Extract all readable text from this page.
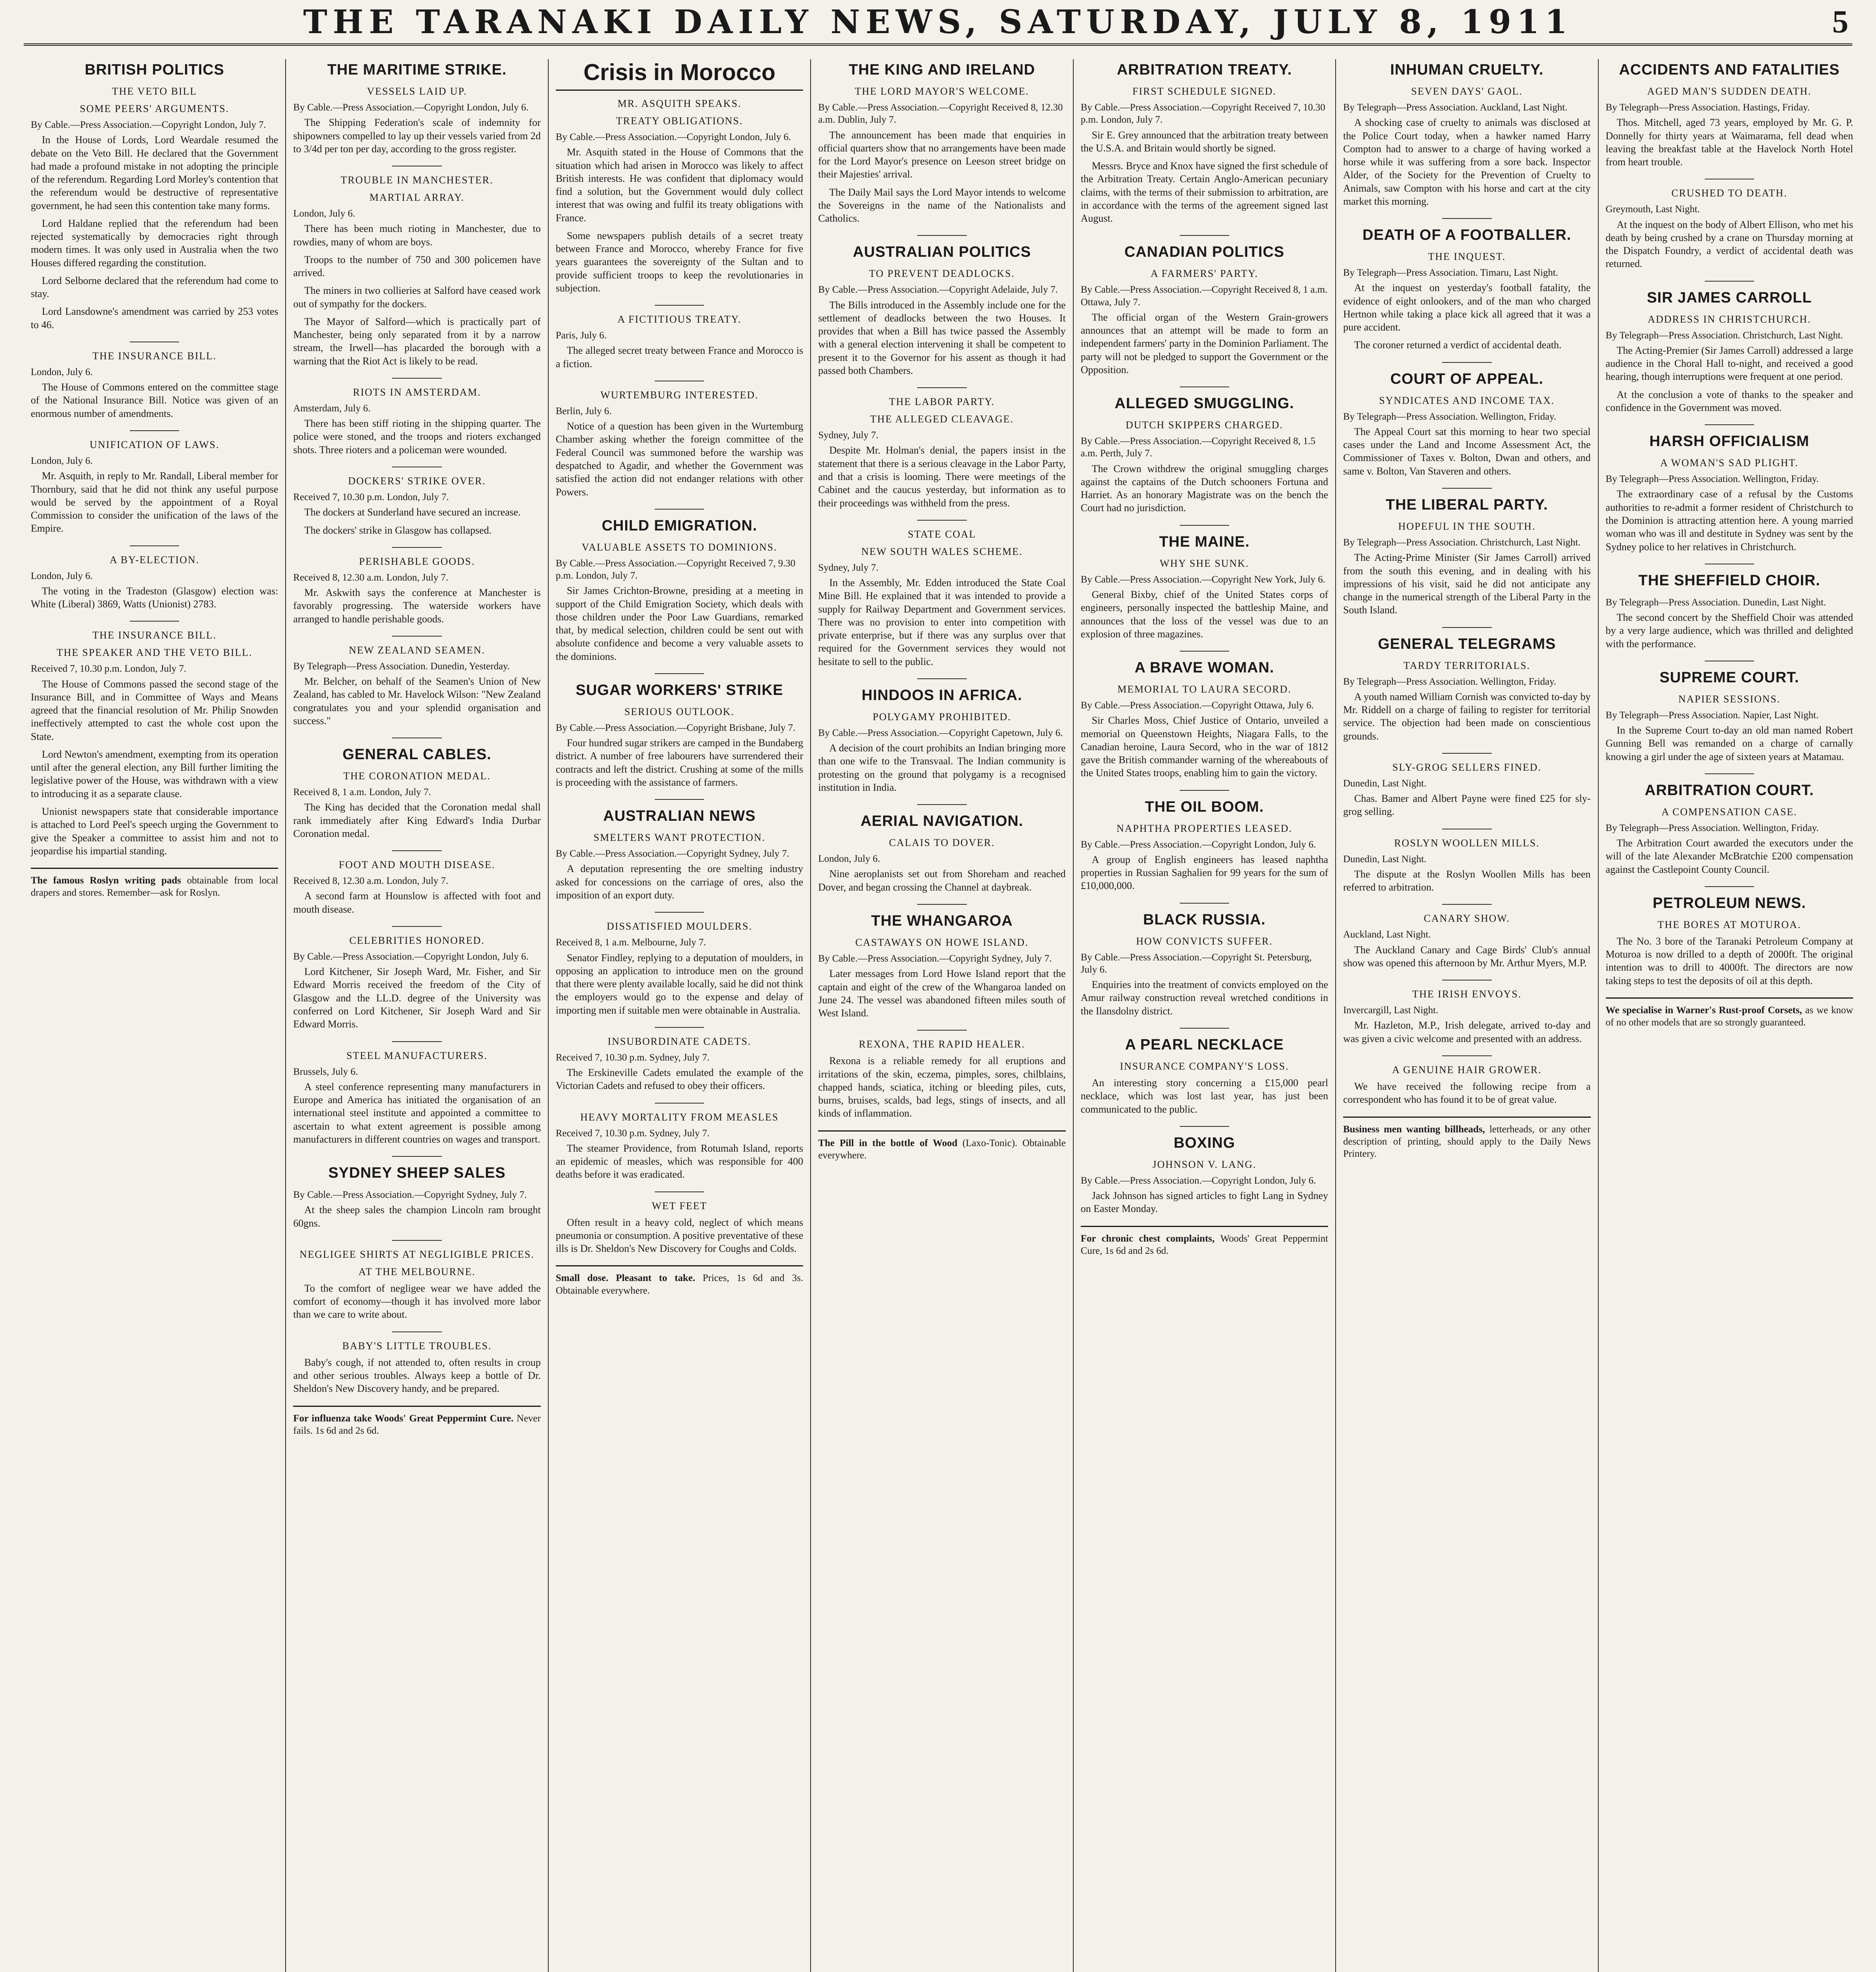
THE TARANAKI DAILY NEWS, SATURDAY, JULY 8, 1911	5
BRITISH POLITICS
THE VETO BILL
SOME PEERS' ARGUMENTS.
By Cable.—Press Association.—Copyright London, July 7.

In the House of Lords, Lord Weardale resumed the debate on the Veto Bill. He declared that the Government had made a profound mistake in not adopting the principle of the referendum. Regarding Lord Morley's contention that the referendum would be destructive of representative government, he had seen this contention take many forms.

Lord Haldane replied that the referendum had been rejected systematically by democracies right through modern times. It was only used in Australia when the two Houses differed regarding the constitution.

Lord Selborne declared that the referendum had come to stay.

Lord Lansdowne's amendment was carried by 253 votes to 46.

THE INSURANCE BILL.
London, July 6.

The House of Commons entered on the committee stage of the National Insurance Bill. Notice was given of an enormous number of amendments.

UNIFICATION OF LAWS.
London, July 6.

Mr. Asquith, in reply to Mr. Randall, Liberal member for Thornbury, said that he did not think any useful purpose would be served by the appointment of a Royal Commission to consider the unification of the laws of the Empire.

A BY-ELECTION.
London, July 6.

The voting in the Tradeston (Glasgow) election was: White (Liberal) 3869, Watts (Unionist) 2783.

THE INSURANCE BILL.
THE SPEAKER AND THE VETO BILL.
Received 7, 10.30 p.m. London, July 7.

The House of Commons passed the second stage of the Insurance Bill, and in Committee of Ways and Means agreed that the financial resolution of Mr. Philip Snowden ineffectively attempted to cast the whole cost upon the State.

Lord Newton's amendment, exempting from its operation until after the general election, any Bill further limiting the legislative power of the House, was withdrawn with a view to introducing it as a separate clause.

Unionist newspapers state that considerable importance is attached to Lord Peel's speech urging the Government to give the Speaker a committee to assist him and not to jeopardise his impartial standing.

The famous Roslyn writing pads obtainable from local drapers and stores. Remember—ask for Roslyn.
THE MARITIME STRIKE.
VESSELS LAID UP.
By Cable.—Press Association.—Copyright London, July 6.

The Shipping Federation's scale of indemnity for shipowners compelled to lay up their vessels varied from 2d to 3/4d per ton per day, according to the gross register.

TROUBLE IN MANCHESTER.
MARTIAL ARRAY.
London, July 6.

There has been much rioting in Manchester, due to rowdies, many of whom are boys.

Troops to the number of 750 and 300 policemen have arrived.

The miners in two collieries at Salford have ceased work out of sympathy for the dockers.

The Mayor of Salford—which is practically part of Manchester, being only separated from it by a narrow stream, the Irwell—has placarded the borough with a warning that the Riot Act is likely to be read.

RIOTS IN AMSTERDAM.
Amsterdam, July 6.

There has been stiff rioting in the shipping quarter. The police were stoned, and the troops and rioters exchanged shots. Three rioters and a policeman were wounded.

DOCKERS' STRIKE OVER.
Received 7, 10.30 p.m. London, July 7.

The dockers at Sunderland have secured an increase.

The dockers' strike in Glasgow has collapsed.

PERISHABLE GOODS.
Received 8, 12.30 a.m. London, July 7.

Mr. Askwith says the conference at Manchester is favorably progressing. The waterside workers have arranged to handle perishable goods.

NEW ZEALAND SEAMEN.
By Telegraph—Press Association. Dunedin, Yesterday.

Mr. Belcher, on behalf of the Seamen's Union of New Zealand, has cabled to Mr. Havelock Wilson: "New Zealand congratulates you and your splendid organisation and success."

GENERAL CABLES.
THE CORONATION MEDAL.
Received 8, 1 a.m. London, July 7.

The King has decided that the Coronation medal shall rank immediately after King Edward's India Durbar Coronation medal.

FOOT AND MOUTH DISEASE.
Received 8, 12.30 a.m. London, July 7.

A second farm at Hounslow is affected with foot and mouth disease.

CELEBRITIES HONORED.
By Cable.—Press Association.—Copyright London, July 6.

Lord Kitchener, Sir Joseph Ward, Mr. Fisher, and Sir Edward Morris received the freedom of the City of Glasgow and the LL.D. degree of the University was conferred on Lord Kitchener, Sir Joseph Ward and Sir Edward Morris.

STEEL MANUFACTURERS.
Brussels, July 6.

A steel conference representing many manufacturers in Europe and America has initiated the organisation of an international steel institute and appointed a committee to ascertain to what extent agreement is possible among manufacturers in different countries on wages and transport.

SYDNEY SHEEP SALES
By Cable.—Press Association.—Copyright Sydney, July 7.

At the sheep sales the champion Lincoln ram brought 60gns.

NEGLIGEE SHIRTS AT NEGLIGIBLE PRICES.
AT THE MELBOURNE.

To the comfort of negligee wear we have added the comfort of economy—though it has involved more labor than we care to write about.

BABY'S LITTLE TROUBLES.

Baby's cough, if not attended to, often results in croup and other serious troubles. Always keep a bottle of Dr. Sheldon's New Discovery handy, and be prepared.

For influenza take Woods' Great Peppermint Cure. Never fails. 1s 6d and 2s 6d.
Crisis in Morocco
MR. ASQUITH SPEAKS.
TREATY OBLIGATIONS.
By Cable.—Press Association.—Copyright London, July 6.

Mr. Asquith stated in the House of Commons that the situation which had arisen in Morocco was likely to affect British interests. He was confident that diplomacy would find a solution, but the Government would duly collect interest that was owing and fulfil its treaty obligations with France.

Some newspapers publish details of a secret treaty between France and Morocco, whereby France for five years guarantees the sovereignty of the Sultan and to provide sufficient troops to keep the revolutionaries in subjection.

A FICTITIOUS TREATY.
Paris, July 6.

The alleged secret treaty between France and Morocco is a fiction.

WURTEMBURG INTERESTED.
Berlin, July 6.

Notice of a question has been given in the Wurtemburg Chamber asking whether the foreign committee of the Federal Council was summoned before the warship was despatched to Agadir, and whether the Government was satisfied the action did not endanger relations with other Powers.

CHILD EMIGRATION.
VALUABLE ASSETS TO DOMINIONS.
By Cable.—Press Association.—Copyright Received 7, 9.30 p.m. London, July 7.

Sir James Crichton-Browne, presiding at a meeting in support of the Child Emigration Society, which deals with those children under the Poor Law Guardians, remarked that, by medical selection, children could be sent out with absolute confidence and become a very valuable assets to the dominions.

SUGAR WORKERS' STRIKE
SERIOUS OUTLOOK.
By Cable.—Press Association.—Copyright Brisbane, July 7.

Four hundred sugar strikers are camped in the Bundaberg district. A number of free labourers have surrendered their contracts and left the district. Crushing at some of the mills is proceeding with the assistance of farmers.

AUSTRALIAN NEWS
SMELTERS WANT PROTECTION.
By Cable.—Press Association.—Copyright Sydney, July 7.

A deputation representing the ore smelting industry asked for concessions on the carriage of ores, also the imposition of an export duty.

DISSATISFIED MOULDERS.
Received 8, 1 a.m. Melbourne, July 7.

Senator Findley, replying to a deputation of moulders, in opposing an application to introduce men on the ground that there were plenty available locally, said he did not think the employers would go to the expense and delay of importing men if suitable men were obtainable in Australia.

INSUBORDINATE CADETS.
Received 7, 10.30 p.m. Sydney, July 7.

The Erskineville Cadets emulated the example of the Victorian Cadets and refused to obey their officers.

HEAVY MORTALITY FROM MEASLES
Received 7, 10.30 p.m. Sydney, July 7.

The steamer Providence, from Rotumah Island, reports an epidemic of measles, which was responsible for 400 deaths before it was eradicated.

WET FEET

Often result in a heavy cold, neglect of which means pneumonia or consumption. A positive preventative of these ills is Dr. Sheldon's New Discovery for Coughs and Colds.

Small dose. Pleasant to take. Prices, 1s 6d and 3s. Obtainable everywhere.
THE KING AND IRELAND
THE LORD MAYOR'S WELCOME.
By Cable.—Press Association.—Copyright Received 8, 12.30 a.m. Dublin, July 7.

The announcement has been made that enquiries in official quarters show that no arrangements have been made for the Lord Mayor's presence on Leeson street bridge on their Majesties' arrival.

The Daily Mail says the Lord Mayor intends to welcome the Sovereigns in the name of the Nationalists and Catholics.

AUSTRALIAN POLITICS
TO PREVENT DEADLOCKS.
By Cable.—Press Association.—Copyright Adelaide, July 7.

The Bills introduced in the Assembly include one for the settlement of deadlocks between the two Houses. It provides that when a Bill has twice passed the Assembly with a general election intervening it shall be competent to present it to the Governor for his assent as though it had passed both Chambers.

THE LABOR PARTY.
THE ALLEGED CLEAVAGE.
Sydney, July 7.

Despite Mr. Holman's denial, the papers insist in the statement that there is a serious cleavage in the Labor Party, and that a crisis is looming. There were meetings of the Cabinet and the caucus yesterday, but information as to their proceedings was withheld from the press.

STATE COAL
NEW SOUTH WALES SCHEME.
Sydney, July 7.

In the Assembly, Mr. Edden introduced the State Coal Mine Bill. He explained that it was intended to provide a supply for Railway Department and Government services. There was no provision to enter into competition with private enterprise, but if there was any surplus over that required for the Government services they would not hesitate to sell to the public.

HINDOOS IN AFRICA.
POLYGAMY PROHIBITED.
By Cable.—Press Association.—Copyright Capetown, July 6.

A decision of the court prohibits an Indian bringing more than one wife to the Transvaal. The Indian community is protesting on the ground that polygamy is a recognised institution in India.

AERIAL NAVIGATION.
CALAIS TO DOVER.
London, July 6.

Nine aeroplanists set out from Shoreham and reached Dover, and began crossing the Channel at daybreak.

THE WHANGAROA
CASTAWAYS ON HOWE ISLAND.
By Cable.—Press Association.—Copyright Sydney, July 7.

Later messages from Lord Howe Island report that the captain and eight of the crew of the Whangaroa landed on June 24. The vessel was abandoned fifteen miles south of West Island.

REXONA, THE RAPID HEALER.

Rexona is a reliable remedy for all eruptions and irritations of the skin, eczema, pimples, sores, chilblains, chapped hands, sciatica, itching or bleeding piles, cuts, burns, bruises, scalds, bad legs, stings of insects, and all kinds of inflammation.

The Pill in the bottle of Wood (Laxo-Tonic). Obtainable everywhere.
ARBITRATION TREATY.
FIRST SCHEDULE SIGNED.
By Cable.—Press Association.—Copyright Received 7, 10.30 p.m. London, July 7.

Sir E. Grey announced that the arbitration treaty between the U.S.A. and Britain would shortly be signed.

Messrs. Bryce and Knox have signed the first schedule of the Arbitration Treaty. Certain Anglo-American pecuniary claims, with the terms of their submission to arbitration, are in accordance with the terms of the agreement signed last August.

CANADIAN POLITICS
A FARMERS' PARTY.
By Cable.—Press Association.—Copyright Received 8, 1 a.m. Ottawa, July 7.

The official organ of the Western Grain-growers announces that an attempt will be made to form an independent farmers' party in the Dominion Parliament. The party will not be pledged to support the Government or the Opposition.

ALLEGED SMUGGLING.
DUTCH SKIPPERS CHARGED.
By Cable.—Press Association.—Copyright Received 8, 1.5 a.m. Perth, July 7.

The Crown withdrew the original smuggling charges against the captains of the Dutch schooners Fortuna and Harriet. As an honorary Magistrate was on the bench the Court had no jurisdiction.

THE MAINE.
WHY SHE SUNK.
By Cable.—Press Association.—Copyright New York, July 6.

General Bixby, chief of the United States corps of engineers, personally inspected the battleship Maine, and announces that the loss of the vessel was due to an explosion of three magazines.

A BRAVE WOMAN.
MEMORIAL TO LAURA SECORD.
By Cable.—Press Association.—Copyright Ottawa, July 6.

Sir Charles Moss, Chief Justice of Ontario, unveiled a memorial on Queenstown Heights, Niagara Falls, to the Canadian heroine, Laura Secord, who in the war of 1812 gave the British commander warning of the whereabouts of the United States troops, enabling him to gain the victory.

THE OIL BOOM.
NAPHTHA PROPERTIES LEASED.
By Cable.—Press Association.—Copyright London, July 6.

A group of English engineers has leased naphtha properties in Russian Saghalien for 99 years for the sum of £10,000,000.

BLACK RUSSIA.
HOW CONVICTS SUFFER.
By Cable.—Press Association.—Copyright St. Petersburg, July 6.

Enquiries into the treatment of convicts employed on the Amur railway construction reveal wretched conditions in the Ilansdolny district.

A PEARL NECKLACE
INSURANCE COMPANY'S LOSS.

An interesting story concerning a £15,000 pearl necklace, which was lost last year, has just been communicated to the public.

BOXING
JOHNSON V. LANG.
By Cable.—Press Association.—Copyright London, July 6.

Jack Johnson has signed articles to fight Lang in Sydney on Easter Monday.

For chronic chest complaints, Woods' Great Peppermint Cure, 1s 6d and 2s 6d.
INHUMAN CRUELTY.
SEVEN DAYS' GAOL.
By Telegraph—Press Association. Auckland, Last Night.

A shocking case of cruelty to animals was disclosed at the Police Court today, when a hawker named Harry Compton had to answer to a charge of having worked a horse while it was suffering from a sore back. Inspector Alder, of the Society for the Prevention of Cruelty to Animals, saw Compton with his horse and cart at the city market this morning.

DEATH OF A FOOTBALLER.
THE INQUEST.
By Telegraph—Press Association. Timaru, Last Night.

At the inquest on yesterday's football fatality, the evidence of eight onlookers, and of the man who charged Hertnon while taking a place kick all agreed that it was a pure accident.

The coroner returned a verdict of accidental death.

COURT OF APPEAL.
SYNDICATES AND INCOME TAX.
By Telegraph—Press Association. Wellington, Friday.

The Appeal Court sat this morning to hear two special cases under the Land and Income Assessment Act, the Commissioner of Taxes v. Bolton, Dwan and others, and same v. Bolton, Van Staveren and others.

THE LIBERAL PARTY.
HOPEFUL IN THE SOUTH.
By Telegraph—Press Association. Christchurch, Last Night.

The Acting-Prime Minister (Sir James Carroll) arrived from the south this evening, and in dealing with his impressions of his visit, said he did not anticipate any change in the numerical strength of the Liberal Party in the South Island.

GENERAL TELEGRAMS
TARDY TERRITORIALS.
By Telegraph—Press Association. Wellington, Friday.

A youth named William Cornish was convicted to-day by Mr. Riddell on a charge of failing to register for territorial service. The objection had been made on conscientious grounds.

SLY-GROG SELLERS FINED.
Dunedin, Last Night.

Chas. Bamer and Albert Payne were fined £25 for sly-grog selling.

ROSLYN WOOLLEN MILLS.
Dunedin, Last Night.

The dispute at the Roslyn Woollen Mills has been referred to arbitration.

CANARY SHOW.
Auckland, Last Night.

The Auckland Canary and Cage Birds' Club's annual show was opened this afternoon by Mr. Arthur Myers, M.P.

THE IRISH ENVOYS.
Invercargill, Last Night.

Mr. Hazleton, M.P., Irish delegate, arrived to-day and was given a civic welcome and presented with an address.

A GENUINE HAIR GROWER.

We have received the following recipe from a correspondent who has found it to be of great value.

Business men wanting billheads, letterheads, or any other description of printing, should apply to the Daily News Printery.
ACCIDENTS AND FATALITIES
AGED MAN'S SUDDEN DEATH.
By Telegraph—Press Association. Hastings, Friday.

Thos. Mitchell, aged 73 years, employed by Mr. G. P. Donnelly for thirty years at Waimarama, fell dead when leaving the breakfast table at the Havelock North Hotel from heart trouble.

CRUSHED TO DEATH.
Greymouth, Last Night.

At the inquest on the body of Albert Ellison, who met his death by being crushed by a crane on Thursday morning at the Dispatch Foundry, a verdict of accidental death was returned.

SIR JAMES CARROLL
ADDRESS IN CHRISTCHURCH.
By Telegraph—Press Association. Christchurch, Last Night.

The Acting-Premier (Sir James Carroll) addressed a large audience in the Choral Hall to-night, and received a good hearing, though interruptions were frequent at one period.

At the conclusion a vote of thanks to the speaker and confidence in the Government was moved.

HARSH OFFICIALISM
A WOMAN'S SAD PLIGHT.
By Telegraph—Press Association. Wellington, Friday.

The extraordinary case of a refusal by the Customs authorities to re-admit a former resident of Christchurch to the Dominion is attracting attention here. A young married woman who was ill and destitute in Sydney was sent by the Sydney police to her relatives in Christchurch.

THE SHEFFIELD CHOIR.
By Telegraph—Press Association. Dunedin, Last Night.

The second concert by the Sheffield Choir was attended by a very large audience, which was thrilled and delighted with the performance.

SUPREME COURT.
NAPIER SESSIONS.
By Telegraph—Press Association. Napier, Last Night.

In the Supreme Court to-day an old man named Robert Gunning Bell was remanded on a charge of carnally knowing a girl under the age of sixteen years at Matamau.

ARBITRATION COURT.
A COMPENSATION CASE.
By Telegraph—Press Association. Wellington, Friday.

The Arbitration Court awarded the executors under the will of the late Alexander McBratchie £200 compensation against the Castlepoint County Council.

PETROLEUM NEWS.
THE BORES AT MOTUROA.

The No. 3 bore of the Taranaki Petroleum Company at Moturoa is now drilled to a depth of 2000ft. The original intention was to drill to 4000ft. The directors are now taking steps to test the deposits of oil at this depth.

We specialise in Warner's Rust-proof Corsets, as we know of no other models that are so strongly guaranteed.
